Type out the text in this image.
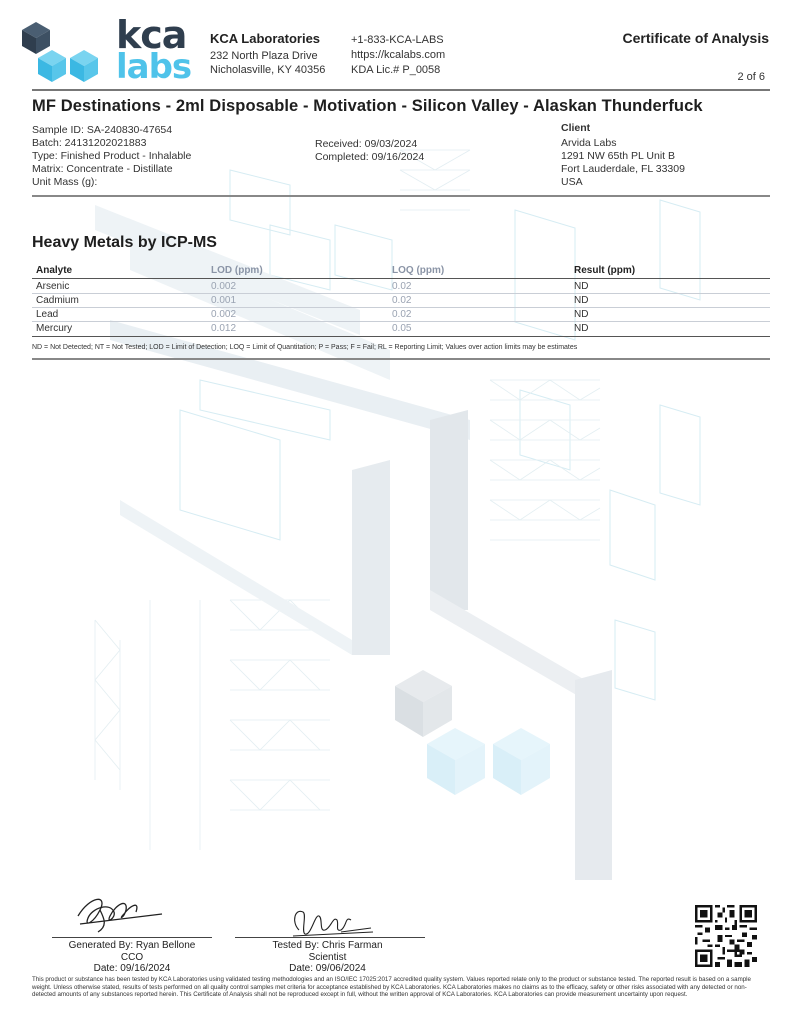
kca
labs
KCA Laboratories
232 North Plaza Drive
Nicholasville, KY 40356
+1-833-KCA-LABS
https://kcalabs.com
KDA Lic.# P_0058
Certificate of Analysis
2 of 6
MF Destinations - 2ml Disposable - Motivation - Silicon Valley - Alaskan Thunderfuck
Sample ID: SA-240830-47654
Batch: 24131202021883
Type: Finished Product - Inhalable
Matrix: Concentrate - Distillate
Unit Mass (g):
Received: 09/03/2024
Completed: 09/16/2024
Client
Arvida Labs
1291 NW 65th PL Unit B
Fort Lauderdale, FL 33309
USA
Heavy Metals by ICP-MS
Analyte	LOD (ppm)	LOQ (ppm)	Result (ppm)
Arsenic	0.002	0.02	ND
Cadmium	0.001	0.02	ND
Lead	0.002	0.02	ND
Mercury	0.012	0.05	ND
ND = Not Detected; NT = Not Tested; LOD = Limit of Detection; LOQ = Limit of Quantitation; P = Pass; F = Fail; RL = Reporting Limit; Values over action limits may be estimates
Generated By: Ryan Bellone
CCO
Date: 09/16/2024
Tested By: Chris Farman
Scientist
Date: 09/06/2024
This product or substance has been tested by KCA Laboratories using validated testing methodologies and an ISO/IEC 17025:2017 accredited quality system. Values reported relate only to the product or substance tested. The reported result is based on a sample weight. Unless otherwise stated, results of tests performed on all quality control samples met criteria for acceptance established by KCA Laboratories. KCA Laboratories makes no claims as to the efficacy, safety or other risks associated with any detected or non-detected amounts of any substances reported herein. This Certificate of Analysis shall not be reproduced except in full, without the written approval of KCA Laboratories. KCA Laboratories can provide measurement uncertainty upon request.
